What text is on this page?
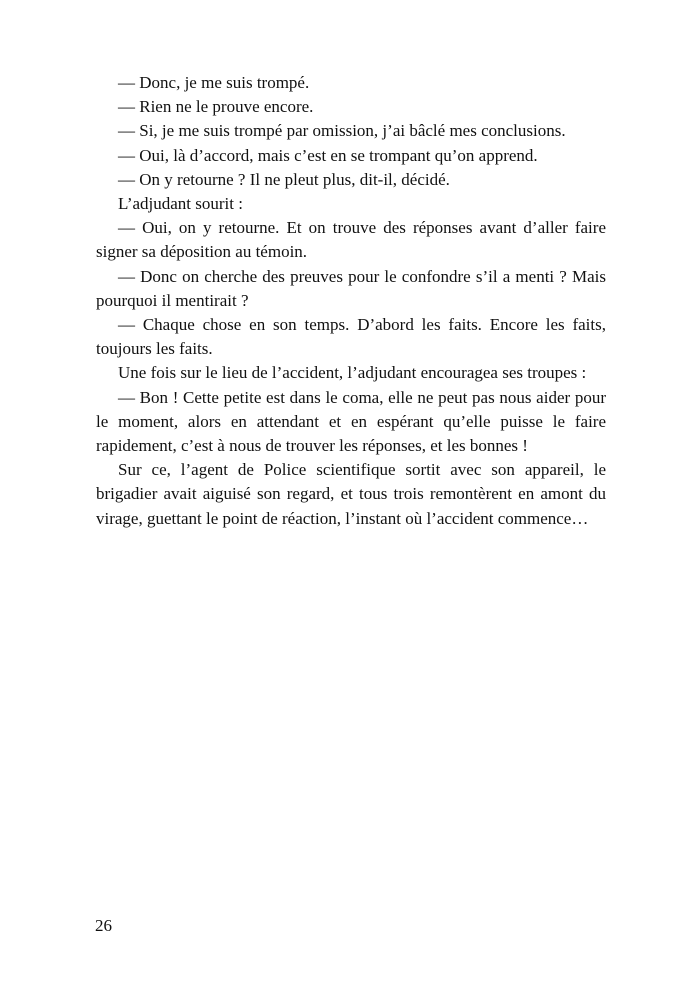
— Donc, je me suis trompé.

— Rien ne le prouve encore.

— Si, je me suis trompé par omission, j’ai bâclé mes conclusions.

— Oui, là d’accord, mais c’est en se trompant qu’on apprend.

— On y retourne ? Il ne pleut plus, dit-il, décidé.

L’adjudant sourit :

— Oui, on y retourne. Et on trouve des réponses avant d’aller faire signer sa déposition au témoin.

— Donc on cherche des preuves pour le confondre s’il a menti ? Mais pourquoi il mentirait ?

— Chaque chose en son temps. D’abord les faits. Encore les faits, toujours les faits.

Une fois sur le lieu de l’accident, l’adjudant encouragea ses troupes :

— Bon ! Cette petite est dans le coma, elle ne peut pas nous aider pour le moment, alors en attendant et en espérant qu’elle puisse le faire rapidement, c’est à nous de trouver les réponses, et les bonnes !

Sur ce, l’agent de Police scientifique sortit avec son appareil, le brigadier avait aiguisé son regard, et tous trois remontèrent en amont du virage, guettant le point de réaction, l’instant où l’accident commence…

26
